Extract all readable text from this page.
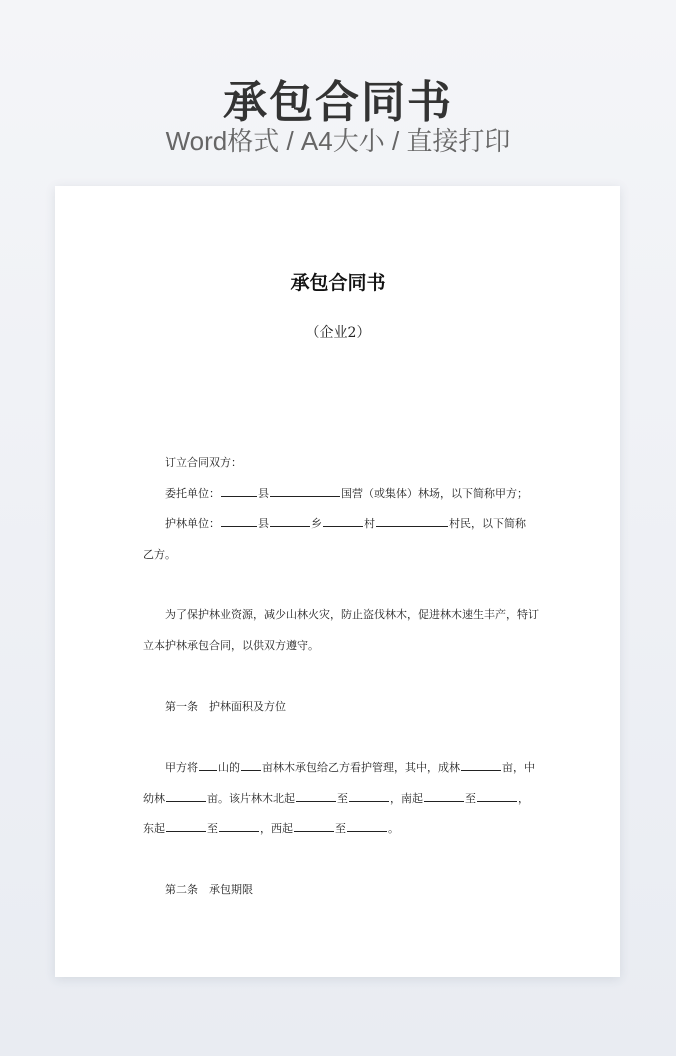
承包合同书
Word格式 / A4大小 / 直接打印
承包合同书
（企业2）
订立合同双方：
委托单位：	县	国营（或集体）林场，以下简称甲方；
护林单位：	县	乡	村	村民，以下简称
乙方。
为了保护林业资源，减少山林火灾，防止盗伐林木，促进林木速生丰产，特订
立本护林承包合同，以供双方遵守。
第一条　护林面积及方位
甲方将 山的 亩林木承包给乙方看护管理，其中，成林	亩，中
幼林	亩。该片林木北起	至	，南起	至	，
东起	至	，西起	至	。
第二条　承包期限
